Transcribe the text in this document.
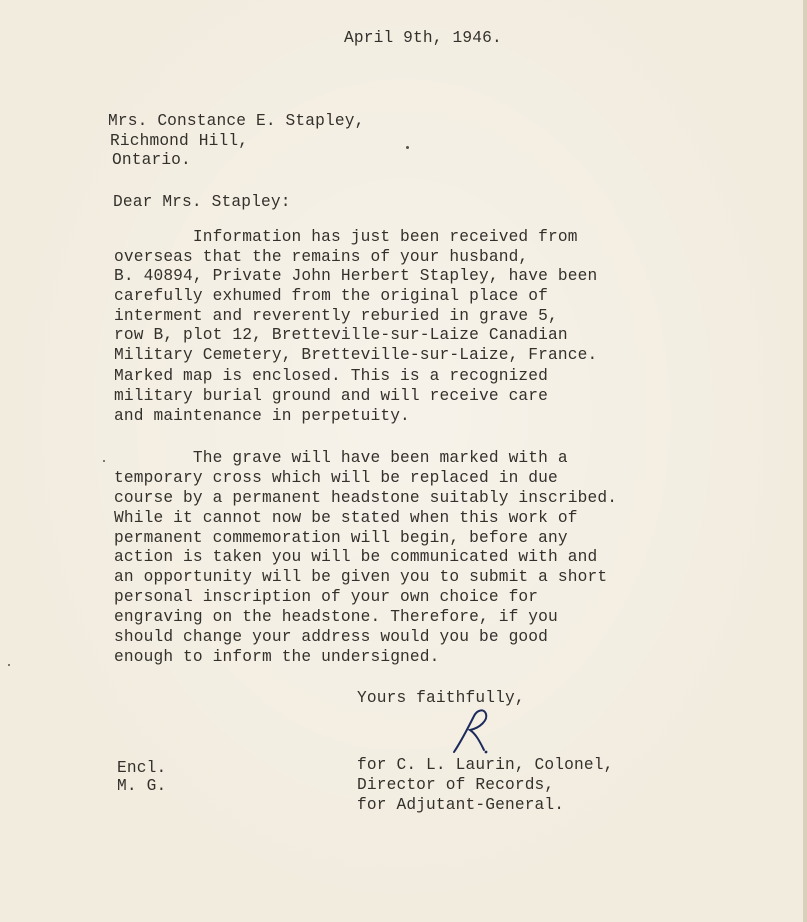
April 9th, 1946.
Mrs. Constance E. Stapley,
Richmond Hill,
Ontario.
Dear Mrs. Stapley:
Information has just been received from
overseas that the remains of your husband,
B. 40894, Private John Herbert Stapley, have been
carefully exhumed from the original place of
interment and reverently reburied in grave 5,
row B, plot 12, Bretteville-sur-Laize Canadian
Military Cemetery, Bretteville-sur-Laize, France.
Marked map is enclosed. This is a recognized
military burial ground and will receive care
and maintenance in perpetuity.
The grave will have been marked with a
temporary cross which will be replaced in due
course by a permanent headstone suitably inscribed.
While it cannot now be stated when this work of
permanent commemoration will begin, before any
action is taken you will be communicated with and
an opportunity will be given you to submit a short
personal inscription of your own choice for
engraving on the headstone. Therefore, if you
should change your address would you be good
enough to inform the undersigned.
Yours faithfully,
Encl.
M. G.
for C. L. Laurin, Colonel,
Director of Records,
for Adjutant-General.
